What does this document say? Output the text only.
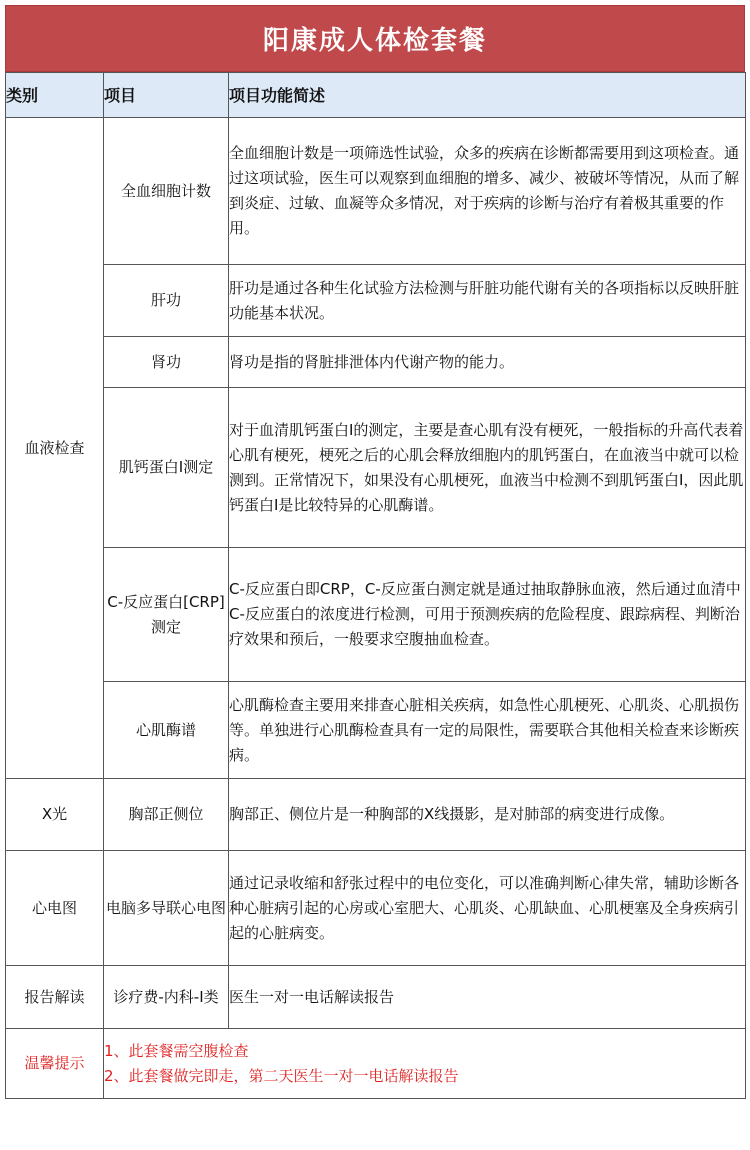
阳康成人体检套餐
类别	项目	项目功能简述
血液检查	全血细胞计数	全血细胞计数是一项筛选性试验，众多的疾病在诊断都需要用到这项检查。通过这项试验，医生可以观察到血细胞的增多、减少、被破坏等情况，从而了解到炎症、过敏、血凝等众多情况，对于疾病的诊断与治疗有着极其重要的作用。
	肝功	肝功是通过各种生化试验方法检测与肝脏功能代谢有关的各项指标以反映肝脏功能基本状况。
	肾功	肾功是指的肾脏排泄体内代谢产物的能力。
	肌钙蛋白I测定	对于血清肌钙蛋白I的测定，主要是查心肌有没有梗死，一般指标的升高代表着心肌有梗死，梗死之后的心肌会释放细胞内的肌钙蛋白，在血液当中就可以检测到。正常情况下，如果没有心肌梗死，血液当中检测不到肌钙蛋白I，因此肌钙蛋白I是比较特异的心肌酶谱。
	C-反应蛋白[CRP]测定	C-反应蛋白即CRP，C-反应蛋白测定就是通过抽取静脉血液，然后通过血清中C-反应蛋白的浓度进行检测，可用于预测疾病的危险程度、跟踪病程、判断治疗效果和预后，一般要求空腹抽血检查。
	心肌酶谱	心肌酶检查主要用来排查心脏相关疾病，如急性心肌梗死、心肌炎、心肌损伤等。单独进行心肌酶检查具有一定的局限性，需要联合其他相关检查来诊断疾病。
X光	胸部正侧位	胸部正、侧位片是一种胸部的X线摄影，是对肺部的病变进行成像。
心电图	电脑多导联心电图	通过记录收缩和舒张过程中的电位变化，可以准确判断心律失常，辅助诊断各种心脏病引起的心房或心室肥大、心肌炎、心肌缺血、心肌梗塞及全身疾病引起的心脏病变。
报告解读	诊疗费-内科-I类	医生一对一电话解读报告
温馨提示	1、此套餐需空腹检查
2、此套餐做完即走，第二天医生一对一电话解读报告	
